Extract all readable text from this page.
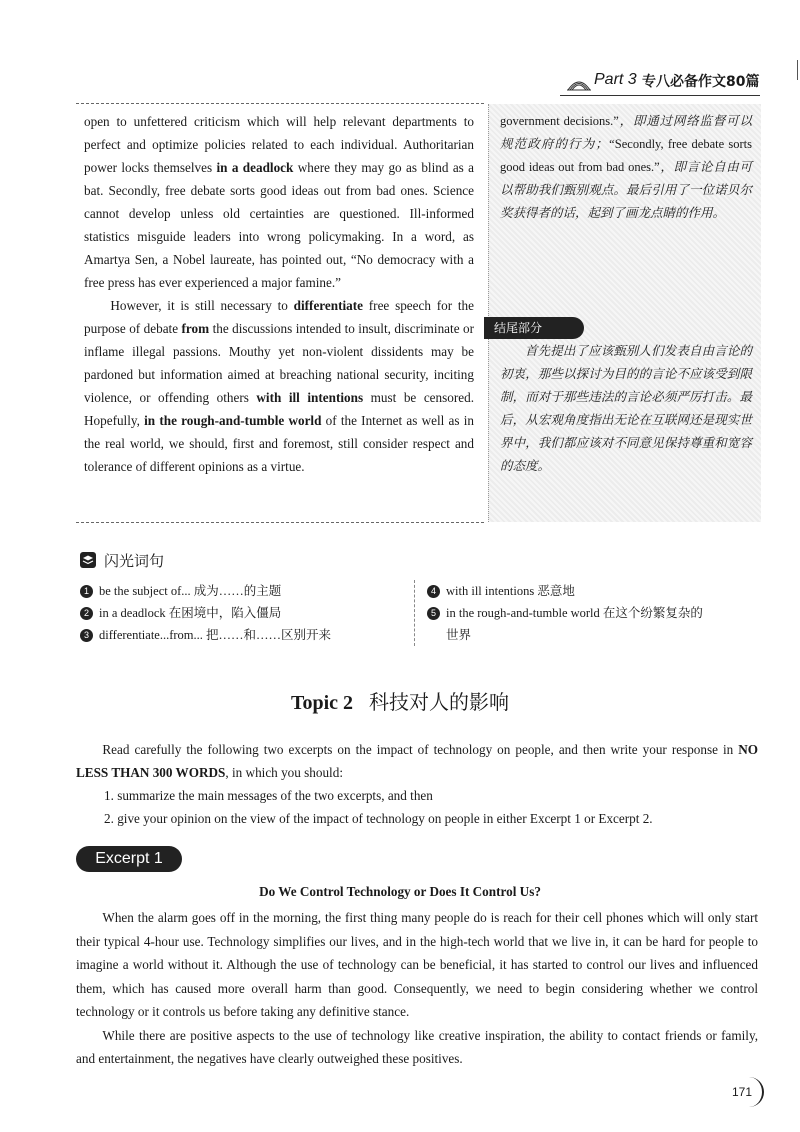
Part 3 专八必备作文80篇

open to unfettered criticism which will help relevant departments to perfect and optimize policies related to each individual. Authoritarian power locks themselves in a deadlock where they may go as blind as a bat. Secondly, free debate sorts good ideas out from bad ones. Science cannot develop unless old certainties are questioned. Ill-informed statistics misguide leaders into wrong policymaking. In a word, as Amartya Sen, a Nobel laureate, has pointed out, “No democracy with a free press has ever experienced a major famine.”

However, it is still necessary to differentiate free speech for the purpose of debate from the discussions intended to insult, discriminate or inflame illegal passions. Mouthy yet non-violent dissidents may be pardoned but information aimed at breaching national security, inciting violence, or offending others with ill intentions must be censored. Hopefully, in the rough-and-tumble world of the Internet as well as in the real world, we should, first and foremost, still consider respect and tolerance of different opinions as a virtue.

government decisions.”，即通过网络监督可以规范政府的行为；“Secondly, free debate sorts good ideas out from bad ones.”，即言论自由可以帮助我们甄别观点。最后引用了一位诺贝尔奖获得者的话，起到了画龙点睛的作用。
结尾部分
首先提出了应该甄别人们发表自由言论的初衷，那些以探讨为目的的言论不应该受到限制，而对于那些违法的言论必须严厉打击。最后，从宏观角度指出无论在互联网还是现实世界中，我们都应该对不同意见保持尊重和宽容的态度。
闪光词句
1 be the subject of... 成为……的主题
2 in a deadlock 在困境中，陷入僵局
3 differentiate...from... 把……和……区别开来
4 with ill intentions 恶意地
5 in the rough-and-tumble world 在这个纷繁复杂的
世界
Topic 2 科技对人的影响

Read carefully the following two excerpts on the impact of technology on people, and then write your response in NO LESS THAN 300 WORDS, in which you should:

1. summarize the main messages of the two excerpts, and then

2. give your opinion on the view of the impact of technology on people in either Excerpt 1 or Excerpt 2.

Excerpt 1
Do We Control Technology or Does It Control Us?

When the alarm goes off in the morning, the first thing many people do is reach for their cell phones which will only start their typical 4-hour use. Technology simplifies our lives, and in the high-tech world that we live in, it can be hard for people to imagine a world without it. Although the use of technology can be beneficial, it has started to control our lives and influenced them, which has caused more overall harm than good. Consequently, we need to begin considering whether we control technology or it controls us before taking any definitive stance.

While there are positive aspects to the use of technology like creative inspiration, the ability to contact friends or family, and entertainment, the negatives have clearly outweighed these positives.

171
